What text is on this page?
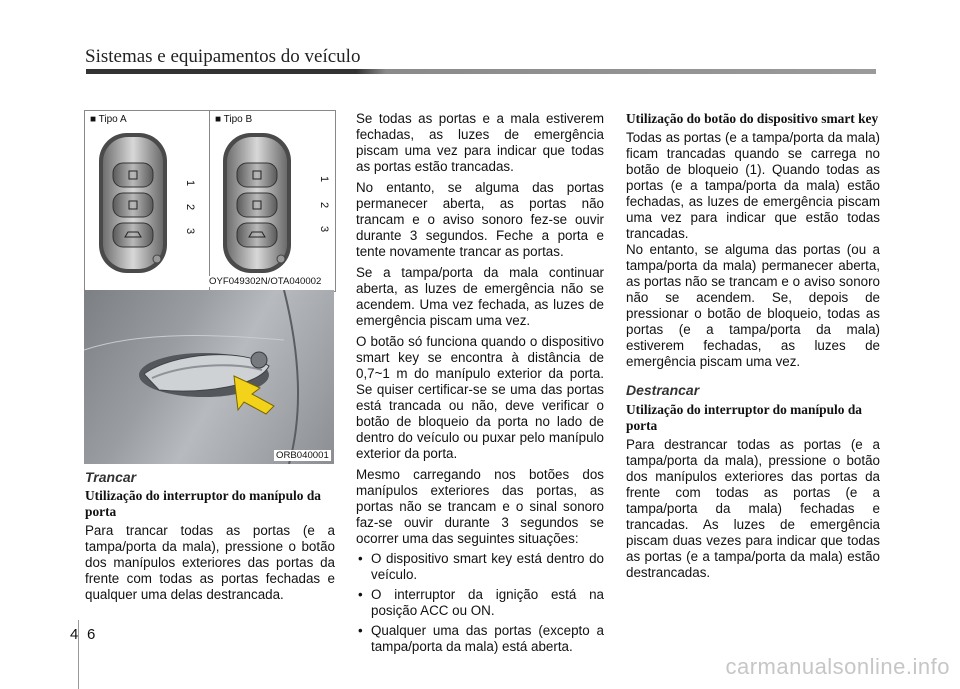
Sistemas e equipamentos do veículo
■ Tipo A	■ Tipo B
1
2
3
1
2
3
OYF049302N/OTA040002
ORB040001
Trancar
Utilização do interruptor do manípulo da porta

Para trancar todas as portas (e a tampa/porta da mala), pressione o botão dos manípulos exteriores das portas da frente com todas as portas fechadas e qualquer uma delas destrancada.

Se todas as portas e a mala estiverem fechadas, as luzes de emergência piscam uma vez para indicar que todas as portas estão trancadas.

No entanto, se alguma das portas permanecer aberta, as portas não trancam e o aviso sonoro fez-se ouvir durante 3 segundos. Feche a porta e tente novamente trancar as portas.

Se a tampa/porta da mala continuar aberta, as luzes de emergência não se acendem. Uma vez fechada, as luzes de emergência piscam uma vez.

O botão só funciona quando o dispositivo smart key se encontra à distância de 0,7~1 m do manípulo exterior da porta. Se quiser certificar-se se uma das portas está trancada ou não, deve verificar o botão de bloqueio da porta no lado de dentro do veículo ou puxar pelo manípulo exterior da porta.

Mesmo carregando nos botões dos manípulos exteriores das portas, as portas não se trancam e o sinal sonoro faz-se ouvir durante 3 segundos se ocorrer uma das seguintes situações:

• O dispositivo smart key está dentro do veículo.
• O interruptor da ignição está na posição ACC ou ON.
• Qualquer uma das portas (excepto a tampa/porta da mala) está aberta.
Utilização do botão do dispositivo smart key

Todas as portas (e a tampa/porta da mala) ficam trancadas quando se carrega no botão de bloqueio (1). Quando todas as portas (e a tampa/porta da mala) estão fechadas, as luzes de emergência piscam uma vez para indicar que estão todas trancadas.

No entanto, se alguma das portas (ou a tampa/porta da mala) permanecer aberta, as portas não se trancam e o aviso sonoro não se acendem. Se, depois de pressionar o botão de bloqueio, todas as portas (e a tampa/porta da mala) estiverem fechadas, as luzes de emergência piscam uma vez.

Destrancar
Utilização do interruptor do manípulo da porta

Para destrancar todas as portas (e a tampa/porta da mala), pressione o botão dos manípulos exteriores das portas da frente com todas as portas (e a tampa/porta da mala) fechadas e trancadas. As luzes de emergência piscam duas vezes para indicar que todas as portas (e a tampa/porta da mala) estão destrancadas.

4 6
carmanualsonline.info
